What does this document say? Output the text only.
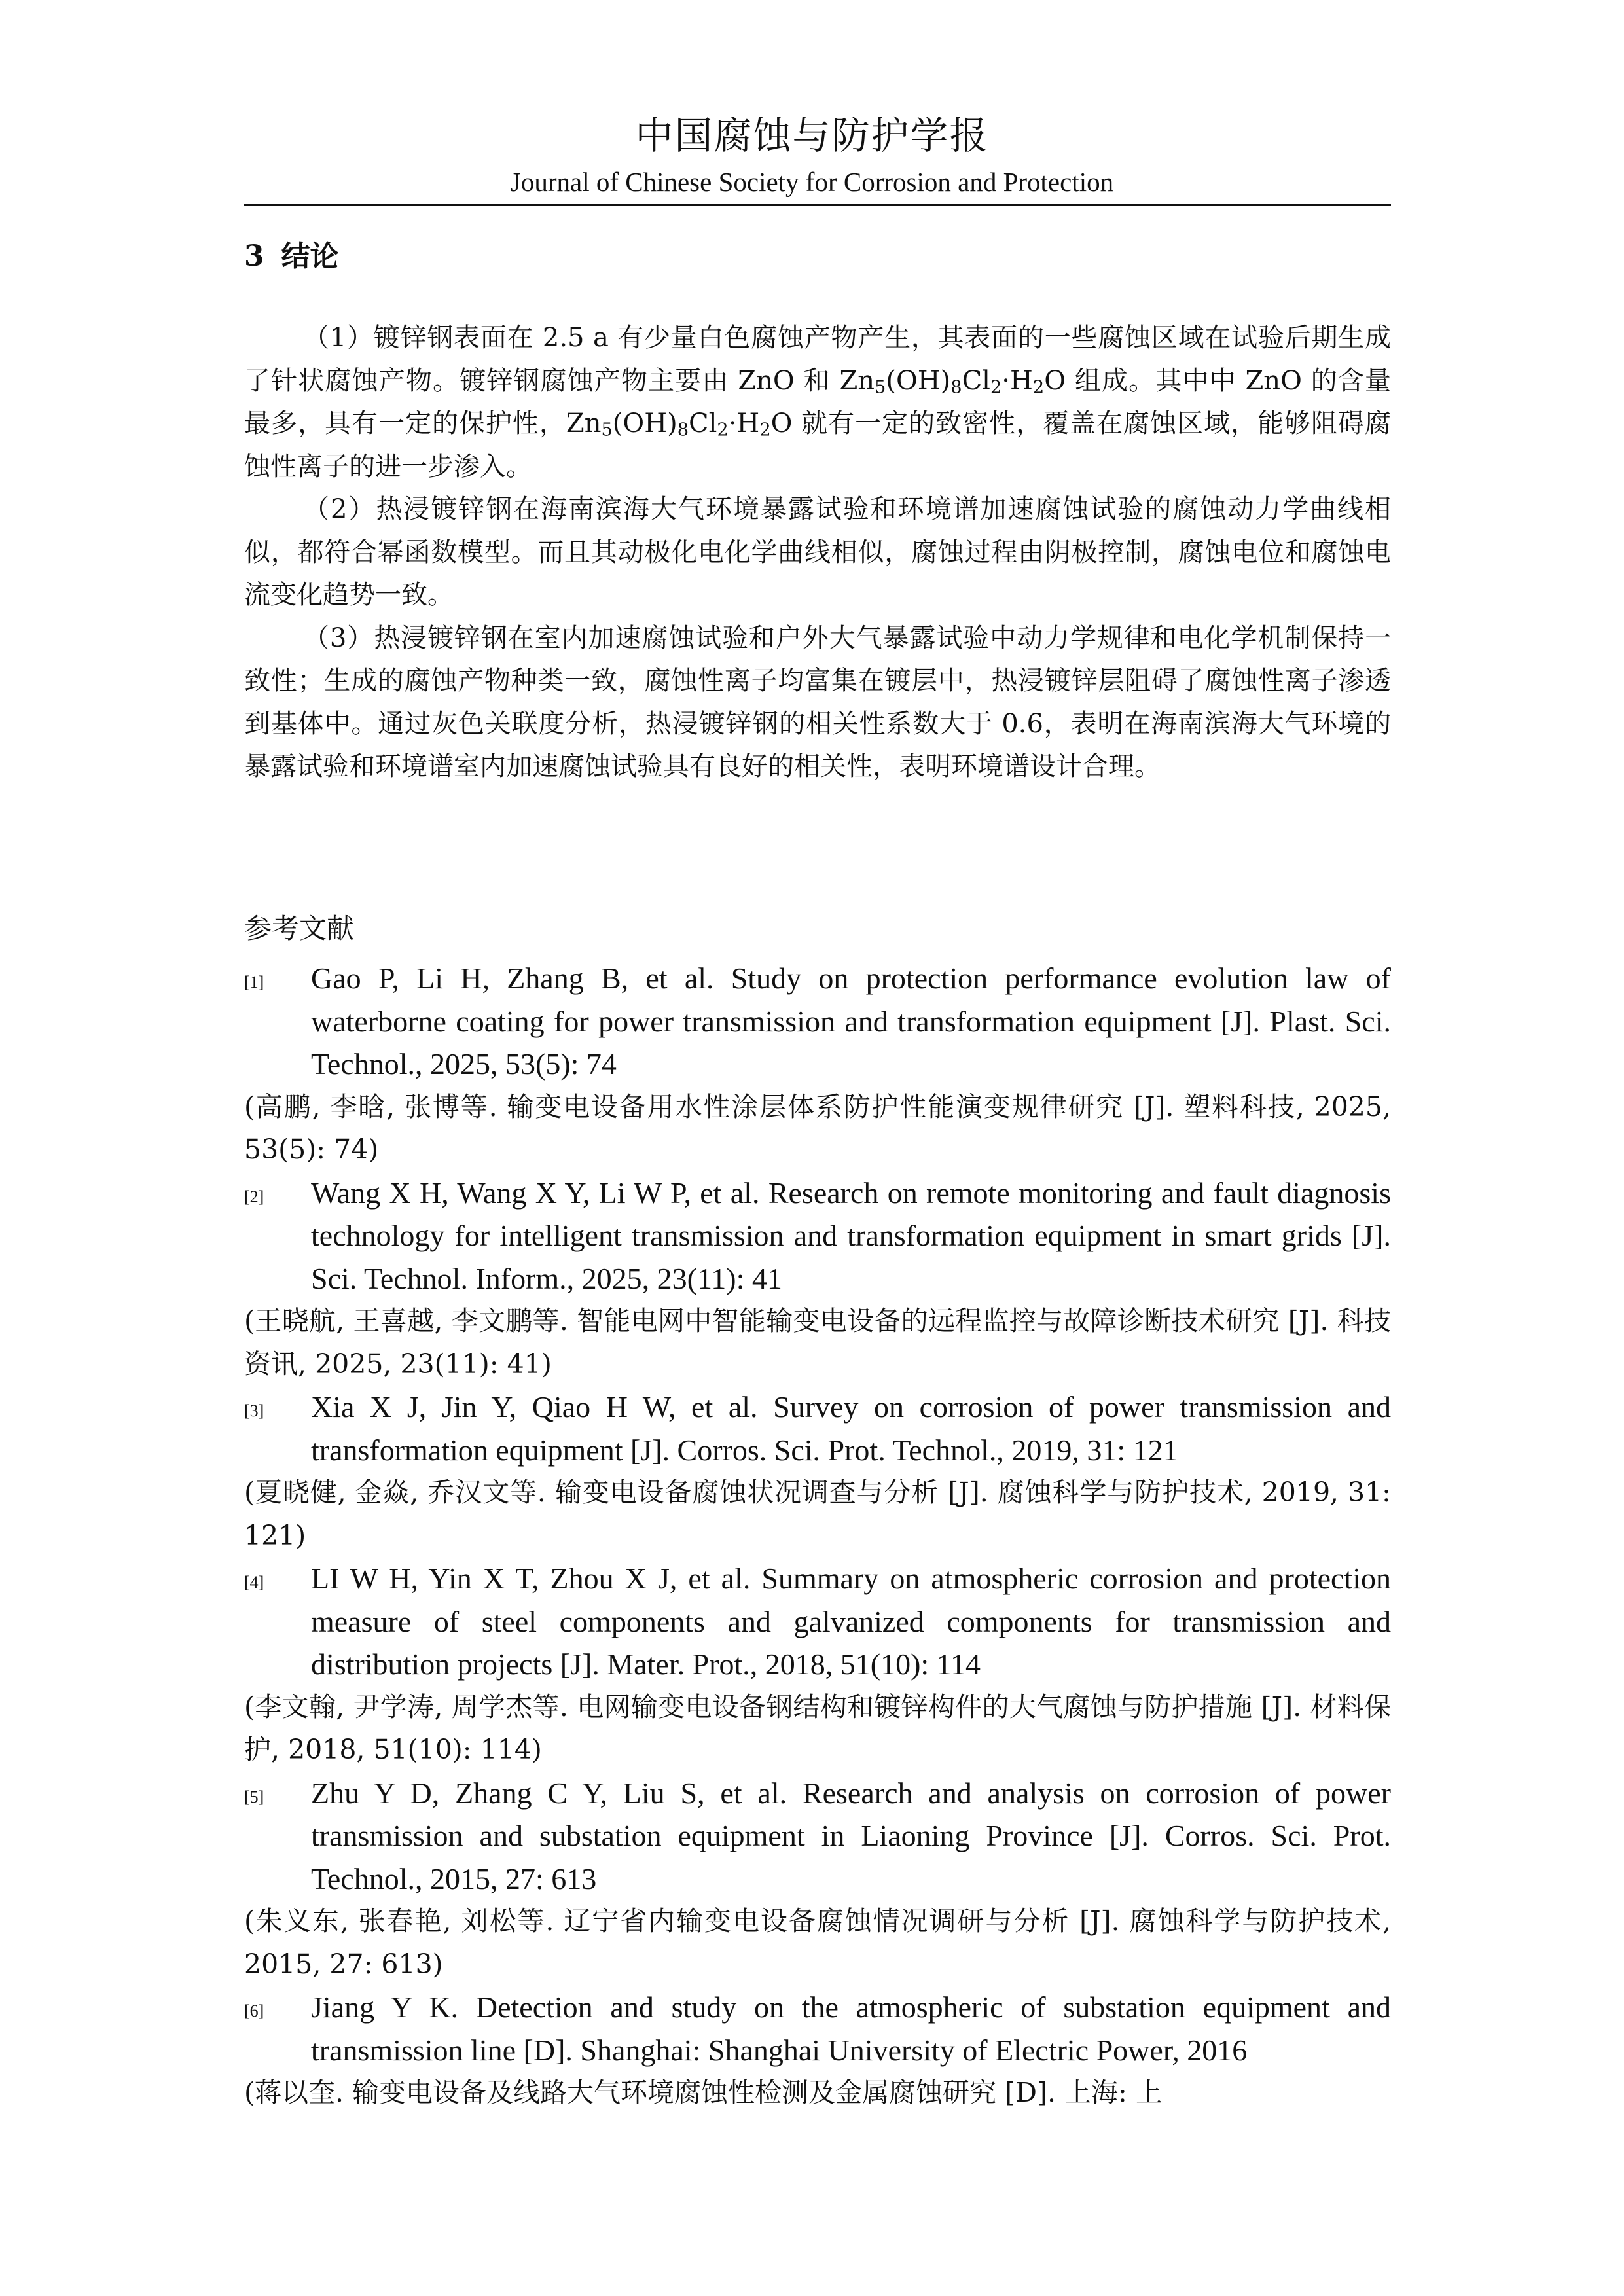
中国腐蚀与防护学报
Journal of Chinese Society for Corrosion and Protection
3 结论

（1）镀锌钢表面在 2.5 a 有少量白色腐蚀产物产生，其表面的一些腐蚀区域在试验后期生成了针状腐蚀产物。镀锌钢腐蚀产物主要由 ZnO 和 $Zn_5(OH)_8Cl_2\cdot H_2O$ 组成。其中中 ZnO 的含量最多，具有一定的保护性，$Zn_5(OH)_8Cl_2\cdot H_2O$ 就有一定的致密性，覆盖在腐蚀区域，能够阻碍腐蚀性离子的进一步渗入。

（2）热浸镀锌钢在海南滨海大气环境暴露试验和环境谱加速腐蚀试验的腐蚀动力学曲线相似，都符合幂函数模型。而且其动极化电化学曲线相似，腐蚀过程由阴极控制，腐蚀电位和腐蚀电流变化趋势一致。

（3）热浸镀锌钢在室内加速腐蚀试验和户外大气暴露试验中动力学规律和电化学机制保持一致性；生成的腐蚀产物种类一致，腐蚀性离子均富集在镀层中，热浸镀锌层阻碍了腐蚀性离子渗透到基体中。通过灰色关联度分析，热浸镀锌钢的相关性系数大于 0.6，表明在海南滨海大气环境的暴露试验和环境谱室内加速腐蚀试验具有良好的相关性，表明环境谱设计合理。

参考文献

[1] Gao P, Li H, Zhang B, et al. Study on protection performance evolution law of waterborne coating for power transmission and transformation equipment [J]. Plast. Sci. Technol., 2025, 53(5): 74

(高鹏, 李晗, 张博等. 输变电设备用水性涂层体系防护性能演变规律研究 [J]. 塑料科技, 2025, 53(5): 74)

[2] Wang X H, Wang X Y, Li W P, et al. Research on remote monitoring and fault diagnosis technology for intelligent transmission and transformation equipment in smart grids [J]. Sci. Technol. Inform., 2025, 23(11): 41

(王晓航, 王喜越, 李文鹏等. 智能电网中智能输变电设备的远程监控与故障诊断技术研究 [J]. 科技资讯, 2025, 23(11): 41)

[3] Xia X J, Jin Y, Qiao H W, et al. Survey on corrosion of power transmission and transformation equipment [J]. Corros. Sci. Prot. Technol., 2019, 31: 121

(夏晓健, 金焱, 乔汉文等. 输变电设备腐蚀状况调查与分析 [J]. 腐蚀科学与防护技术, 2019, 31: 121)

[4] LI W H, Yin X T, Zhou X J, et al. Summary on atmospheric corrosion and protection measure of steel components and galvanized components for transmission and distribution projects [J]. Mater. Prot., 2018, 51(10): 114

(李文翰, 尹学涛, 周学杰等. 电网输变电设备钢结构和镀锌构件的大气腐蚀与防护措施 [J]. 材料保护, 2018, 51(10): 114)

[5] Zhu Y D, Zhang C Y, Liu S, et al. Research and analysis on corrosion of power transmission and substation equipment in Liaoning Province [J]. Corros. Sci. Prot. Technol., 2015, 27: 613

(朱义东, 张春艳, 刘松等. 辽宁省内输变电设备腐蚀情况调研与分析 [J]. 腐蚀科学与防护技术, 2015, 27: 613)

[6] Jiang Y K. Detection and study on the atmospheric of substation equipment and transmission line [D]. Shanghai: Shanghai University of Electric Power, 2016

(蒋以奎. 输变电设备及线路大气环境腐蚀性检测及金属腐蚀研究 [D]. 上海: 上
